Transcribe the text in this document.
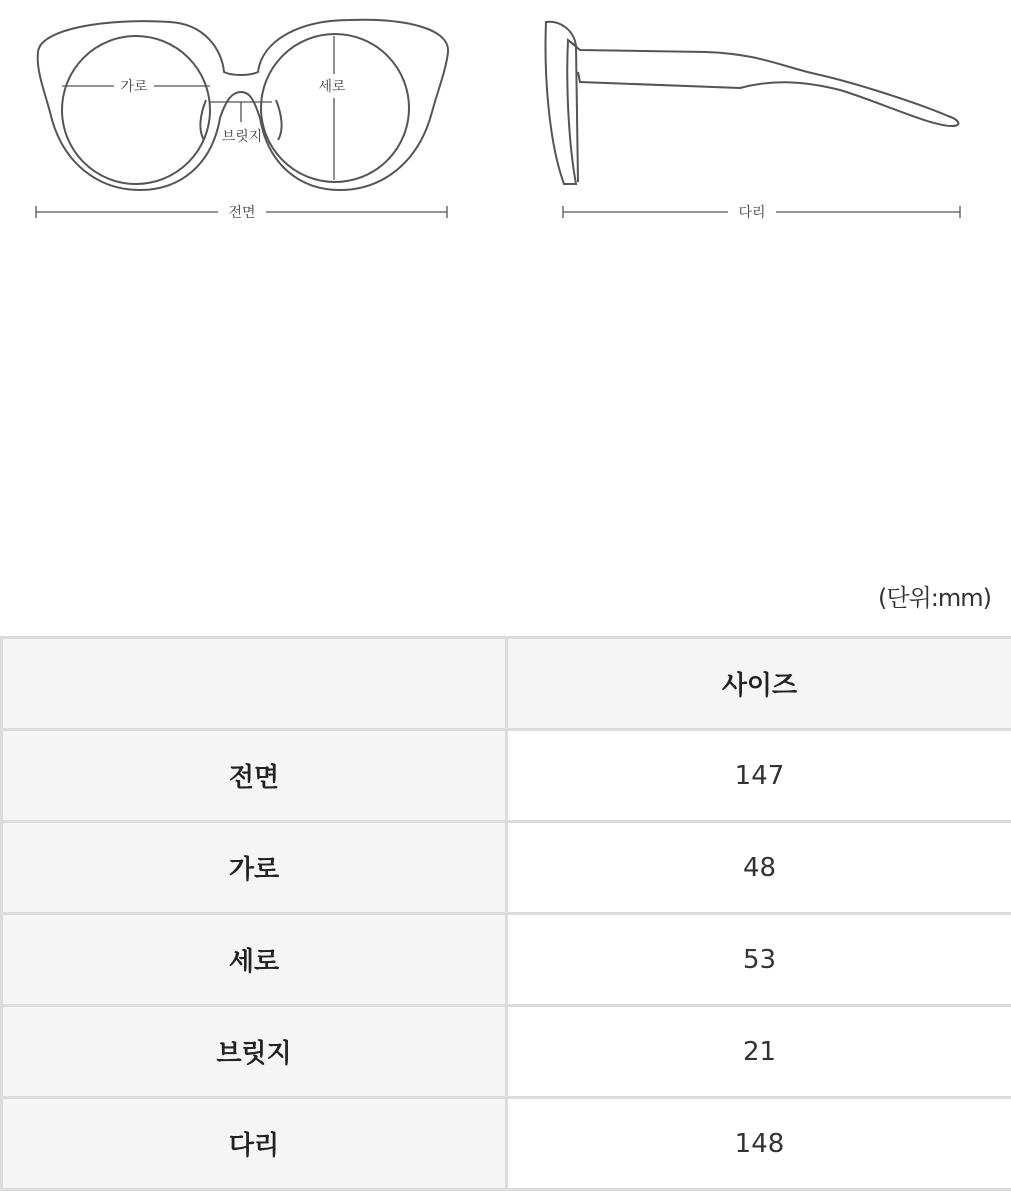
가로	세로
브릿지
전면	다리
(단위:mm)
	사이즈
전면	147
가로	48
세로	53
브릿지	21
다리	148
